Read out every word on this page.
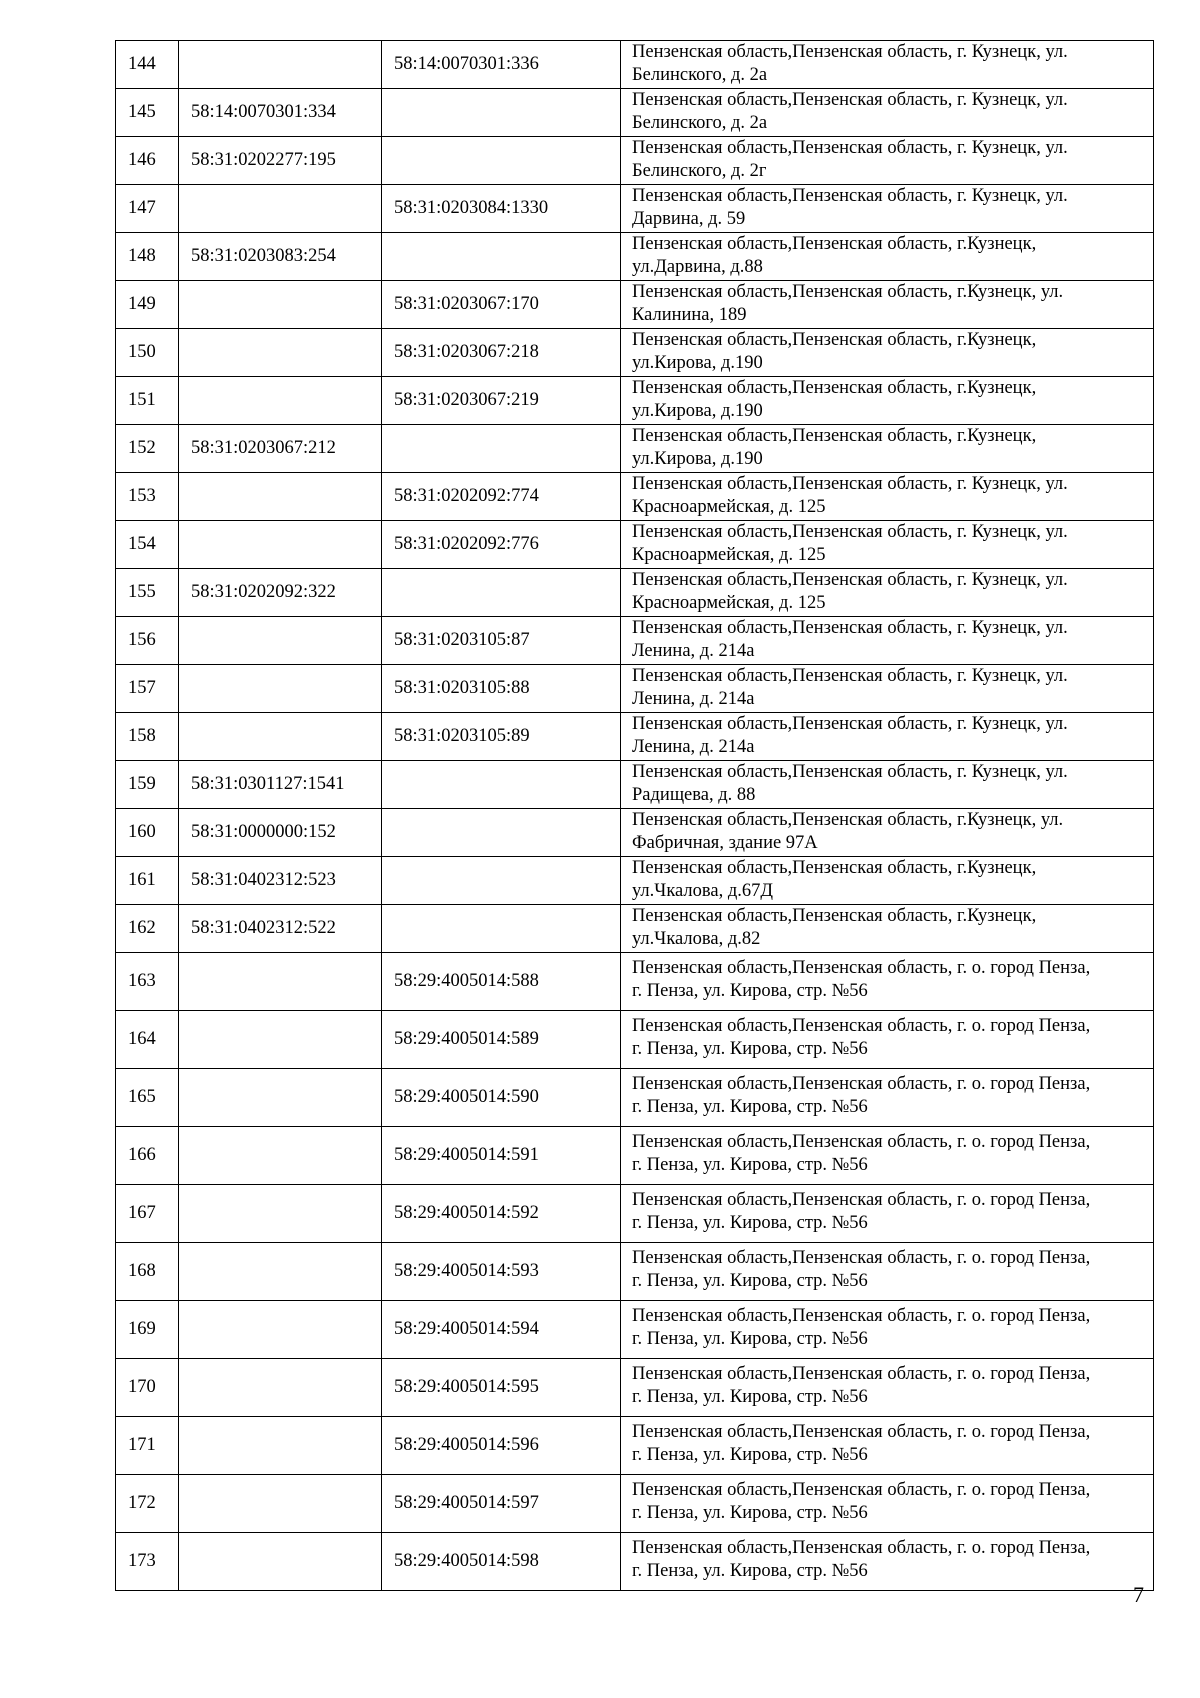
144		58:14:0070301:336	Пензенская область,Пензенская область, г. Кузнецк, ул.
Белинского, д. 2а

145	58:14:0070301:334		Пензенская область,Пензенская область, г. Кузнецк, ул.
Белинского, д. 2а

146	58:31:0202277:195		Пензенская область,Пензенская область, г. Кузнецк, ул.
Белинского, д. 2г

147		58:31:0203084:1330	Пензенская область,Пензенская область, г. Кузнецк, ул.
Дарвина, д. 59

148	58:31:0203083:254		Пензенская область,Пензенская область, г.Кузнецк,
ул.Дарвина, д.88

149		58:31:0203067:170	Пензенская область,Пензенская область, г.Кузнецк, ул.
Калинина, 189

150		58:31:0203067:218	Пензенская область,Пензенская область, г.Кузнецк,
ул.Кирова, д.190

151		58:31:0203067:219	Пензенская область,Пензенская область, г.Кузнецк,
ул.Кирова, д.190

152	58:31:0203067:212		Пензенская область,Пензенская область, г.Кузнецк,
ул.Кирова, д.190

153		58:31:0202092:774	Пензенская область,Пензенская область, г. Кузнецк, ул.
Красноармейская, д. 125

154		58:31:0202092:776	Пензенская область,Пензенская область, г. Кузнецк, ул.
Красноармейская, д. 125

155	58:31:0202092:322		Пензенская область,Пензенская область, г. Кузнецк, ул.
Красноармейская, д. 125

156		58:31:0203105:87	Пензенская область,Пензенская область, г. Кузнецк, ул.
Ленина, д. 214а

157		58:31:0203105:88	Пензенская область,Пензенская область, г. Кузнецк, ул.
Ленина, д. 214а

158		58:31:0203105:89	Пензенская область,Пензенская область, г. Кузнецк, ул.
Ленина, д. 214а

159	58:31:0301127:1541		Пензенская область,Пензенская область, г. Кузнецк, ул.
Радищева, д. 88

160	58:31:0000000:152		Пензенская область,Пензенская область, г.Кузнецк, ул.
Фабричная, здание 97А

161	58:31:0402312:523		Пензенская область,Пензенская область, г.Кузнецк,
ул.Чкалова, д.67Д

162	58:31:0402312:522		Пензенская область,Пензенская область, г.Кузнецк,
ул.Чкалова, д.82

163		58:29:4005014:588	Пензенская область,Пензенская область, г. о. город Пенза,
г. Пенза, ул. Кирова, стр. №56

164		58:29:4005014:589	Пензенская область,Пензенская область, г. о. город Пенза,
г. Пенза, ул. Кирова, стр. №56

165		58:29:4005014:590	Пензенская область,Пензенская область, г. о. город Пенза,
г. Пенза, ул. Кирова, стр. №56

166		58:29:4005014:591	Пензенская область,Пензенская область, г. о. город Пенза,
г. Пенза, ул. Кирова, стр. №56

167		58:29:4005014:592	Пензенская область,Пензенская область, г. о. город Пенза,
г. Пенза, ул. Кирова, стр. №56

168		58:29:4005014:593	Пензенская область,Пензенская область, г. о. город Пенза,
г. Пенза, ул. Кирова, стр. №56

169		58:29:4005014:594	Пензенская область,Пензенская область, г. о. город Пенза,
г. Пенза, ул. Кирова, стр. №56

170		58:29:4005014:595	Пензенская область,Пензенская область, г. о. город Пенза,
г. Пенза, ул. Кирова, стр. №56

171		58:29:4005014:596	Пензенская область,Пензенская область, г. о. город Пенза,
г. Пенза, ул. Кирова, стр. №56

172		58:29:4005014:597	Пензенская область,Пензенская область, г. о. город Пенза,
г. Пенза, ул. Кирова, стр. №56

173		58:29:4005014:598	Пензенская область,Пензенская область, г. о. город Пенза,
г. Пенза, ул. Кирова, стр. №56
7
